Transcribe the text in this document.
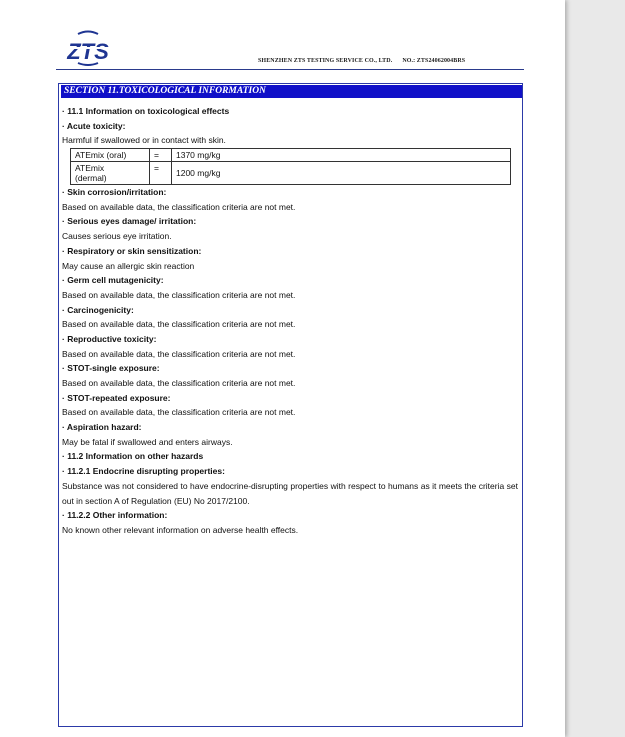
ZTS	SHENZHEN ZTS TESTING SERVICE CO., LTD. NO.: ZTS24062004BRS
SECTION 11.TOXICOLOGICAL INFORMATION
· 11.1 Information on toxicological effects
· Acute toxicity:
Harmful if swallowed or in contact with skin.
ATEmix (oral)	=	1370 mg/kg

ATEmix
(dermal)	=	1200 mg/kg
· Skin corrosion/irritation:
Based on available data, the classification criteria are not met.
· Serious eyes damage/ irritation:
Causes serious eye irritation.
· Respiratory or skin sensitization:
May cause an allergic skin reaction
· Germ cell mutagenicity:
Based on available data, the classification criteria are not met.
· Carcinogenicity:
Based on available data, the classification criteria are not met.
· Reproductive toxicity:
Based on available data, the classification criteria are not met.
· STOT-single exposure:
Based on available data, the classification criteria are not met.
· STOT-repeated exposure:
Based on available data, the classification criteria are not met.
· Aspiration hazard:
May be fatal if swallowed and enters airways.
· 11.2 Information on other hazards
· 11.2.1 Endocrine disrupting properties:
Substance was not considered to have endocrine-disrupting properties with respect to humans as it meets the criteria set out in section A of Regulation (EU) No 2017/2100.
· 11.2.2 Other information:
No known other relevant information on adverse health effects.
